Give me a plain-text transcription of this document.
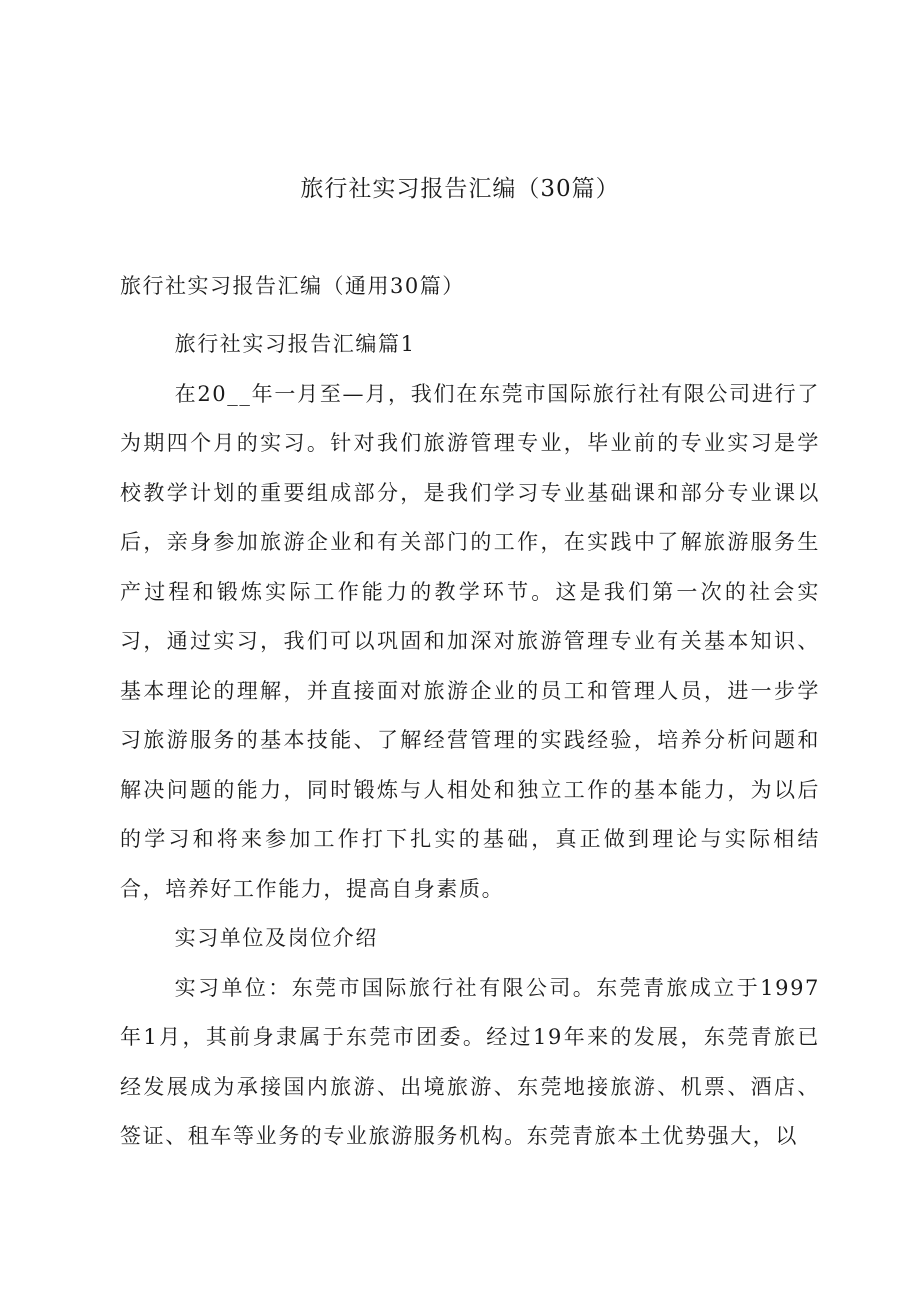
旅行社实习报告汇编（30篇）

旅行社实习报告汇编（通用30篇）

旅行社实习报告汇编篇1

在20__年一月至—月，我们在东莞市国际旅行社有限公司进行了为期四个月的实习。针对我们旅游管理专业，毕业前的专业实习是学校教学计划的重要组成部分，是我们学习专业基础课和部分专业课以后，亲身参加旅游企业和有关部门的工作，在实践中了解旅游服务生产过程和锻炼实际工作能力的教学环节。这是我们第一次的社会实习，通过实习，我们可以巩固和加深对旅游管理专业有关基本知识、基本理论的理解，并直接面对旅游企业的员工和管理人员，进一步学习旅游服务的基本技能、了解经营管理的实践经验，培养分析问题和解决问题的能力，同时锻炼与人相处和独立工作的基本能力，为以后的学习和将来参加工作打下扎实的基础，真正做到理论与实际相结合，培养好工作能力，提高自身素质。

实习单位及岗位介绍

实习单位：东莞市国际旅行社有限公司。东莞青旅成立于1997年1月，其前身隶属于东莞市团委。经过19年来的发展，东莞青旅已经发展成为承接国内旅游、出境旅游、东莞地接旅游、机票、酒店、签证、租车等业务的专业旅游服务机构。东莞青旅本土优势强大，以
